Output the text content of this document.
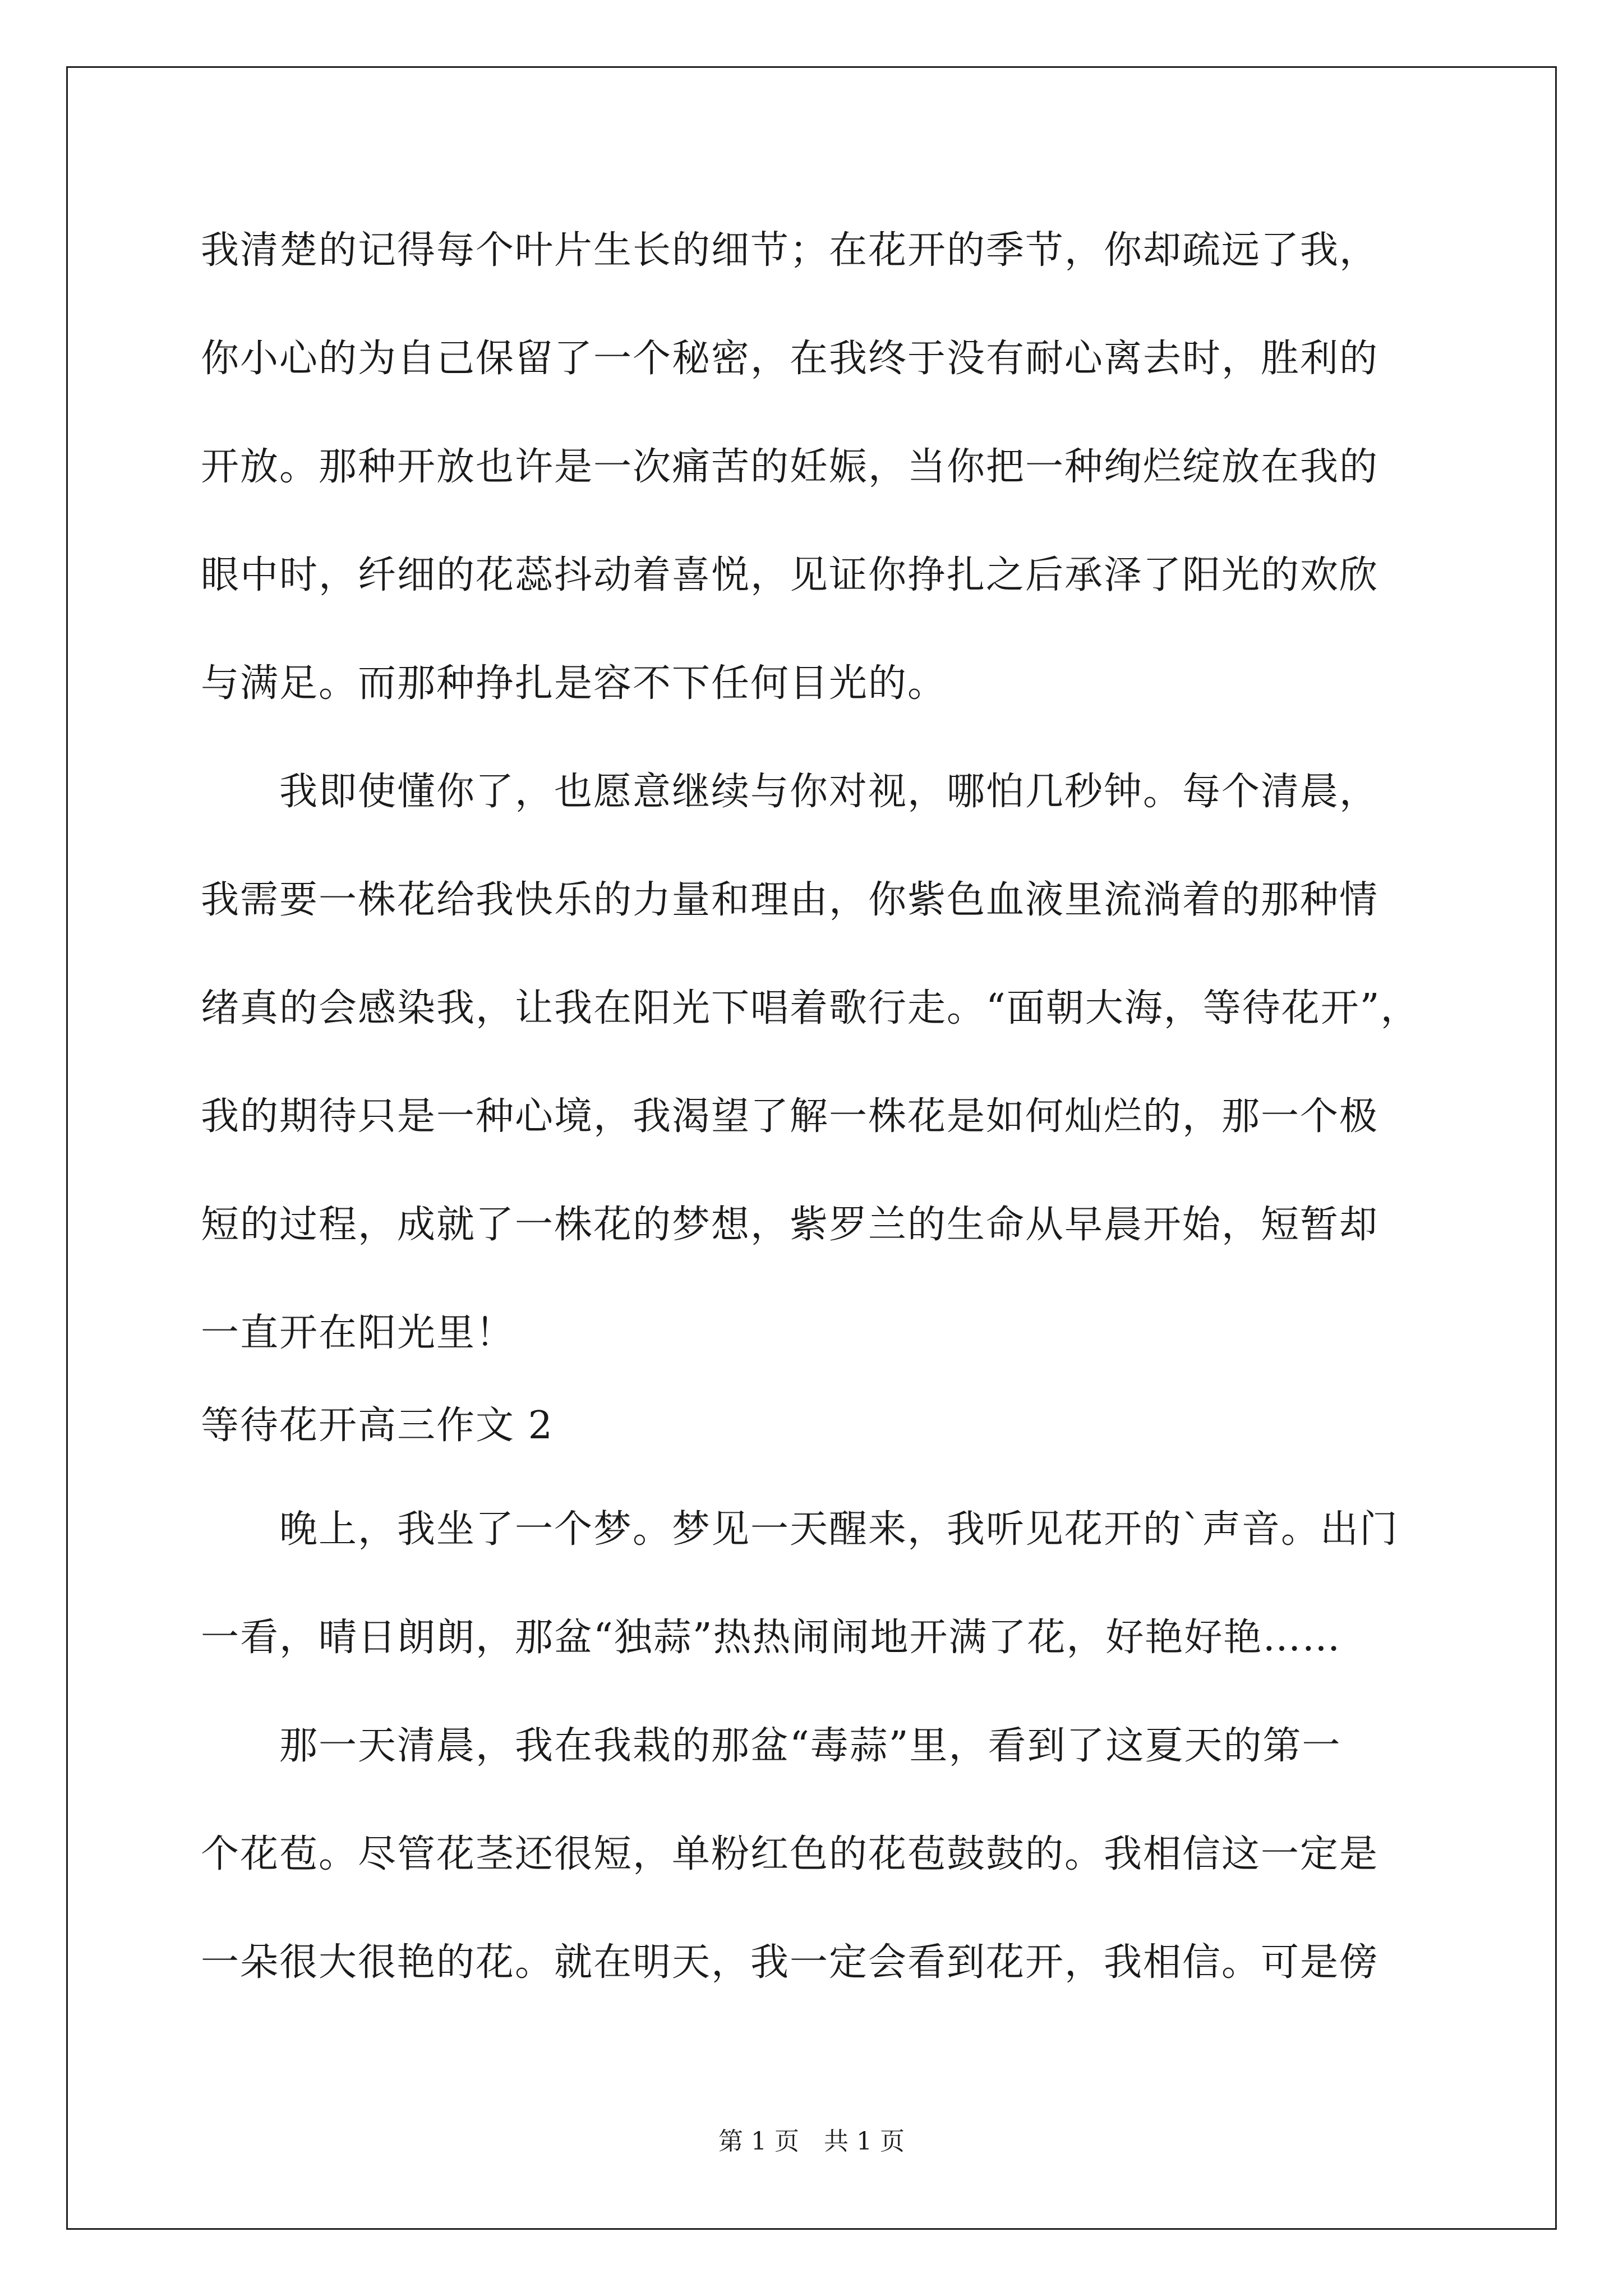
我清楚的记得每个叶片生长的细节；在花开的季节，你却疏远了我，
你小心的为自己保留了一个秘密，在我终于没有耐心离去时，胜利的
开放。那种开放也许是一次痛苦的妊娠，当你把一种绚烂绽放在我的
眼中时，纤细的花蕊抖动着喜悦，见证你挣扎之后承泽了阳光的欢欣
与满足。而那种挣扎是容不下任何目光的。
　　我即使懂你了，也愿意继续与你对视，哪怕几秒钟。每个清晨，
我需要一株花给我快乐的力量和理由，你紫色血液里流淌着的那种情
绪真的会感染我，让我在阳光下唱着歌行走。“面朝大海，等待花开”，
我的期待只是一种心境，我渴望了解一株花是如何灿烂的，那一个极
短的过程，成就了一株花的梦想，紫罗兰的生命从早晨开始，短暂却
一直开在阳光里！
等待花开高三作文 2
　　晚上，我坐了一个梦。梦见一天醒来，我听见花开的`声音。出门
一看，晴日朗朗，那盆“独蒜”热热闹闹地开满了花，好艳好艳……
　　那一天清晨，我在我栽的那盆“毒蒜”里，看到了这夏天的第一
个花苞。尽管花茎还很短，单粉红色的花苞鼓鼓的。我相信这一定是
一朵很大很艳的花。就在明天，我一定会看到花开，我相信。可是傍
第 1 页　共 1 页
